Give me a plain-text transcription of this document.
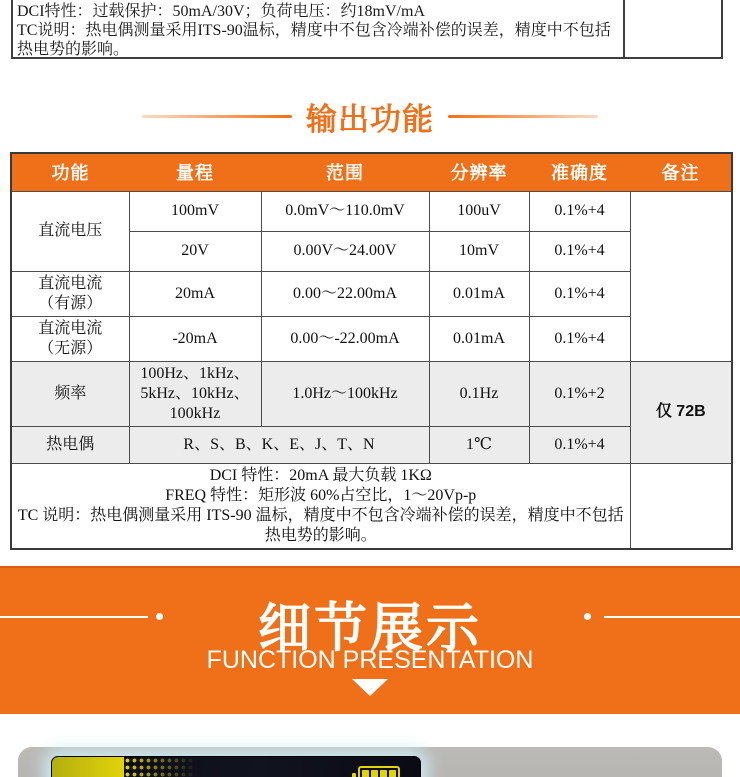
DCI特性：过载保护：50mA/30V；负荷电压：约18mV/mA
TC说明：热电偶测量采用ITS-90温标，精度中不包含冷端补偿的误差，精度中不包括热电势的影响。
输出功能
功能	量程	范围	分辨率	准确度	备注
直流电压	100mV	0.0mV～110.0mV	100uV	0.1%+4	
	20V	0.00V～24.00V	10mV	0.1%+4	

直流电流
（有源）	20mA	0.00～22.00mA	0.01mA	0.1%+4	

直流电流
（无源）	-20mA	0.00～-22.00mA	0.01mA	0.1%+4	
频率	100Hz、1kHz、5kHz、10kHz、100kHz	1.0Hz～100kHz	0.1Hz	0.1%+2	仅 72B
热电偶	R、S、B、K、E、J、T、N		1℃	0.1%+4	

DCI 特性：20mA 最大负载 1KΩ
FREQ 特性：矩形波 60%占空比，1～20Vp-p
TC 说明：热电偶测量采用 ITS-90 温标，精度中不包含冷端补偿的误差，精度中不包括热电势的影响。					

细节展示
FUNCTION PRESENTATION
